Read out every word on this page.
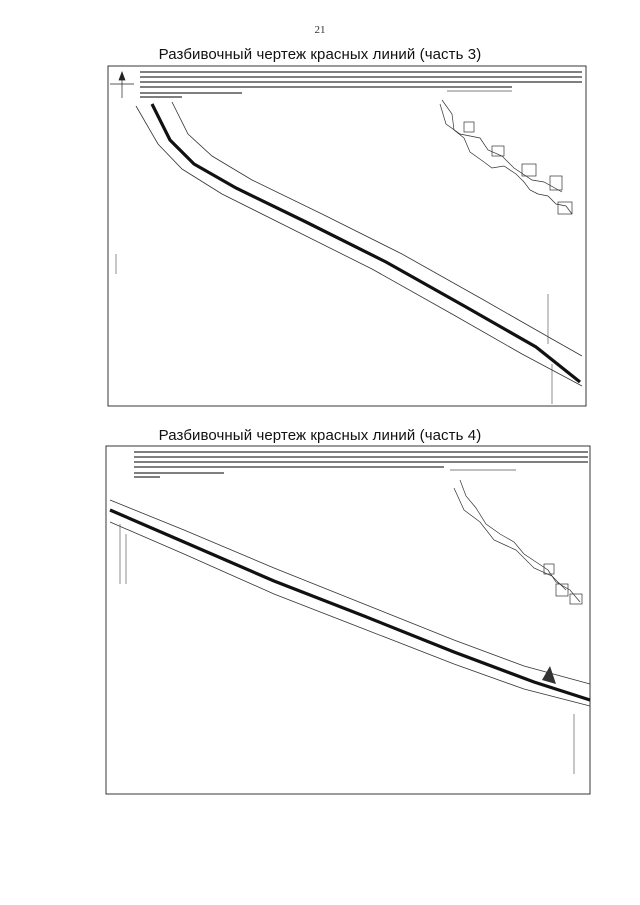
21
Разбивочный чертеж красных линий (часть 3)
Разбивочный чертеж красных линий (часть 4)
